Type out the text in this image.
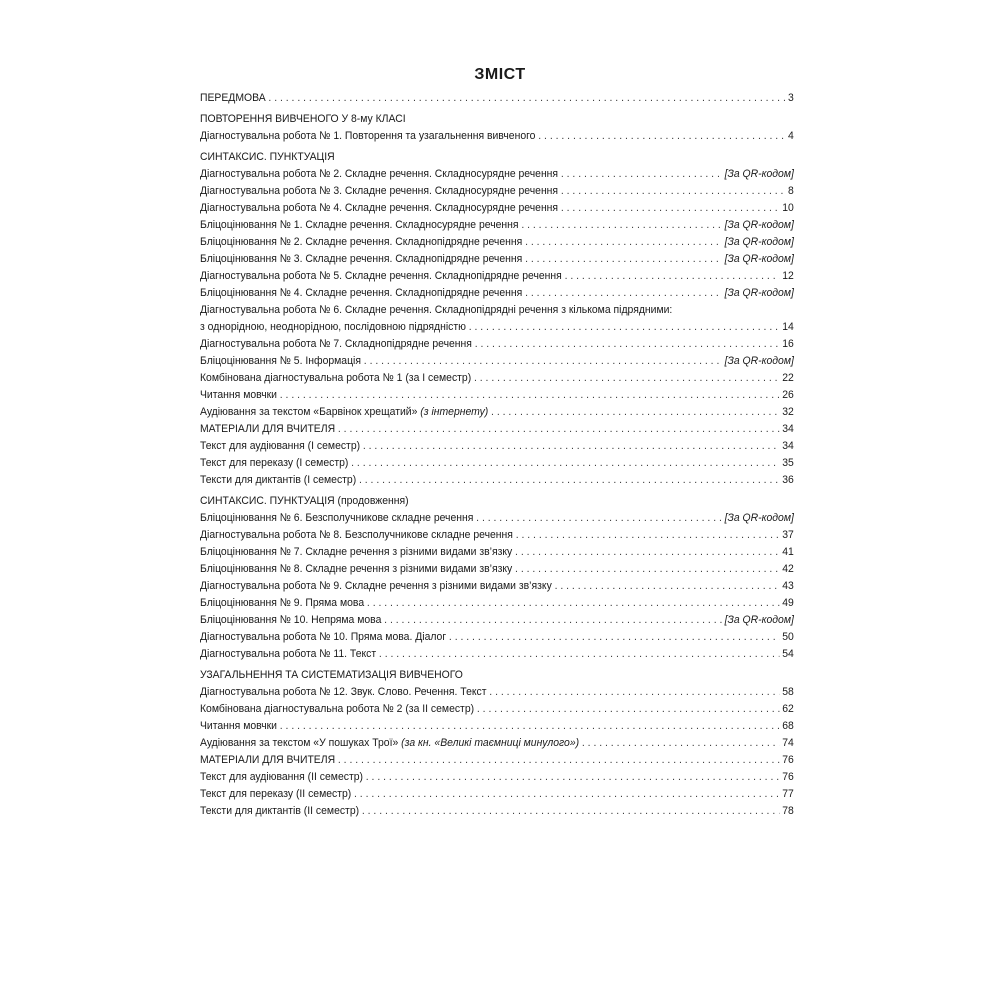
ЗМІСТ
ПЕРЕДМОВА . . .	3
ПОВТОРЕННЯ ВИВЧЕНОГО У 8-му КЛАСІ
Діагностувальна робота № 1. Повторення та узагальнення вивченого . . .	4
СИНТАКСИС. ПУНКТУАЦІЯ
Діагностувальна робота № 2. Складне речення. Складносурядне речення . . .	[За QR-кодом]
Діагностувальна робота № 3. Складне речення. Складносурядне речення . . .	8
Діагностувальна робота № 4. Складне речення. Складносурядне речення . . .	10
Бліцоцінювання № 1. Складне речення. Складносурядне речення . . .	[За QR-кодом]
Бліцоцінювання № 2. Складне речення. Складнопідрядне речення . . .	[За QR-кодом]
Бліцоцінювання № 3. Складне речення. Складнопідрядне речення . . .	[За QR-кодом]
Діагностувальна робота № 5. Складне речення. Складнопідрядне речення . . .	12
Бліцоцінювання № 4. Складне речення. Складнопідрядне речення . . .	[За QR-кодом]
Діагностувальна робота № 6. Складне речення. Складнопідрядні речення з кількома підрядними:
з однорідною, неоднорідною, послідовною підрядністю . . .	14
Діагностувальна робота № 7. Складнопідрядне речення . . .	16
Бліцоцінювання № 5. Інформація . . .	[За QR-кодом]
Комбінована діагностувальна робота № 1 (за І семестр) . . .	22
Читання мовчки . . .	26
Аудіювання за текстом «Барвінок хрещатий» (з інтернету) . . .	32
МАТЕРІАЛИ ДЛЯ ВЧИТЕЛЯ . . .	34
Текст для аудіювання (І семестр) . . .	34
Текст для переказу (І семестр) . . .	35
Тексти для диктантів (І семестр) . . .	36
СИНТАКСИС. ПУНКТУАЦІЯ (продовження)
Бліцоцінювання № 6. Безсполучникове складне речення . . .	[За QR-кодом]
Діагностувальна робота № 8. Безсполучникове складне речення . . .	37
Бліцоцінювання № 7. Складне речення з різними видами зв’язку . . .	41
Бліцоцінювання № 8. Складне речення з різними видами зв’язку . . .	42
Діагностувальна робота № 9. Складне речення з різними видами зв’язку . . .	43
Бліцоцінювання № 9. Пряма мова . . .	49
Бліцоцінювання № 10. Непряма мова . . .	[За QR-кодом]
Діагностувальна робота № 10. Пряма мова. Діалог . . .	50
Діагностувальна робота № 11. Текст . . .	54
УЗАГАЛЬНЕННЯ ТА СИСТЕМАТИЗАЦІЯ ВИВЧЕНОГО
Діагностувальна робота № 12. Звук. Слово. Речення. Текст . . .	58
Комбінована діагностувальна робота № 2 (за ІІ семестр) . . .	62
Читання мовчки . . .	68
Аудіювання за текстом «У пошуках Трої» (за кн. «Великі таємниці минулого») . . .	74
МАТЕРІАЛИ ДЛЯ ВЧИТЕЛЯ . . .	76
Текст для аудіювання (ІІ семестр) . . .	76
Текст для переказу (ІІ семестр) . . .	77
Тексти для диктантів (ІІ семестр) . . .	78
